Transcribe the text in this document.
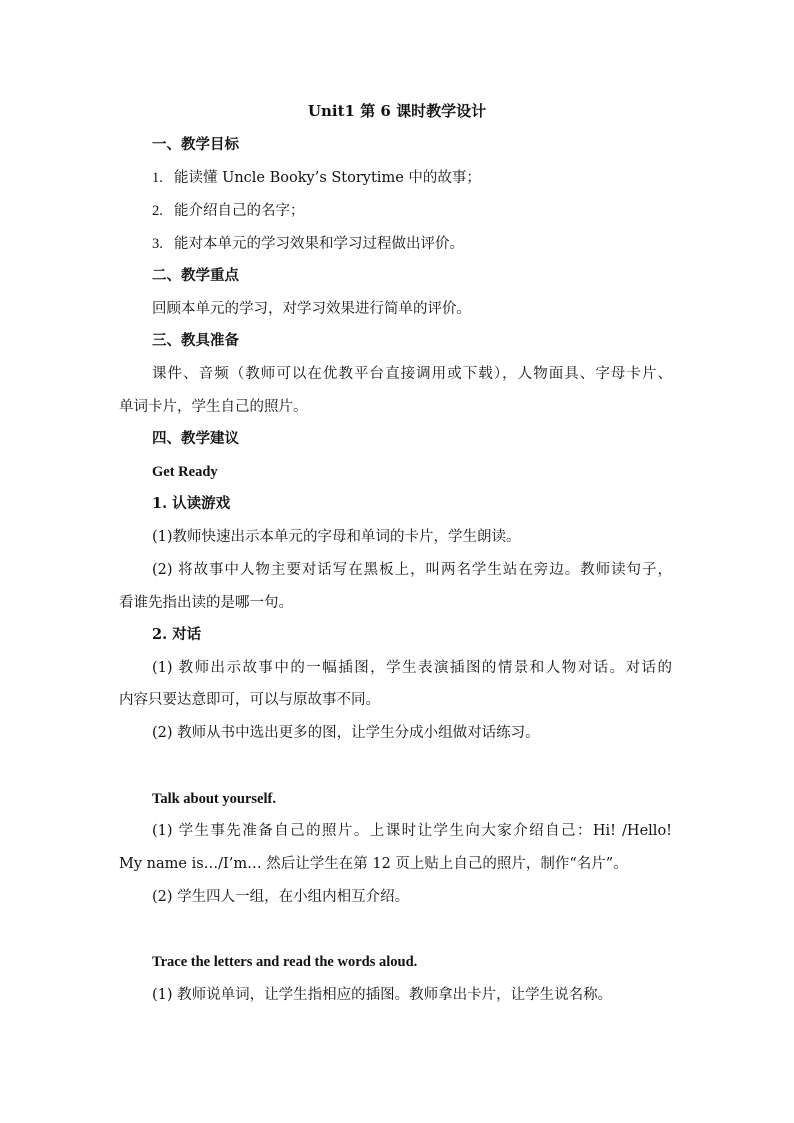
Unit1 第 6 课时教学设计
一、教学目标
1. 能读懂 Uncle Booky’s Storytime 中的故事；
2. 能介绍自己的名字；
3. 能对本单元的学习效果和学习过程做出评价。
二、教学重点
回顾本单元的学习，对学习效果进行简单的评价。
三、教具准备
课件、音频（教师可以在优教平台直接调用或下载），人物面具、字母卡片、
单词卡片，学生自己的照片。
四、教学建议
Get Ready
1. 认读游戏
(1)教师快速出示本单元的字母和单词的卡片，学生朗读。
(2) 将故事中人物主要对话写在黑板上，叫两名学生站在旁边。教师读句子，
看谁先指出读的是哪一句。
2. 对话
(1) 教师出示故事中的一幅插图，学生表演插图的情景和人物对话。对话的
内容只要达意即可，可以与原故事不同。
(2) 教师从书中选出更多的图，让学生分成小组做对话练习。
Talk about yourself.
(1) 学生事先准备自己的照片。上课时让学生向大家介绍自己：Hi! /Hello!
My name is…/I’m… 然后让学生在第 12 页上贴上自己的照片，制作“名片”。
(2) 学生四人一组，在小组内相互介绍。
Trace the letters and read the words aloud.
(1) 教师说单词，让学生指相应的插图。教师拿出卡片，让学生说名称。
